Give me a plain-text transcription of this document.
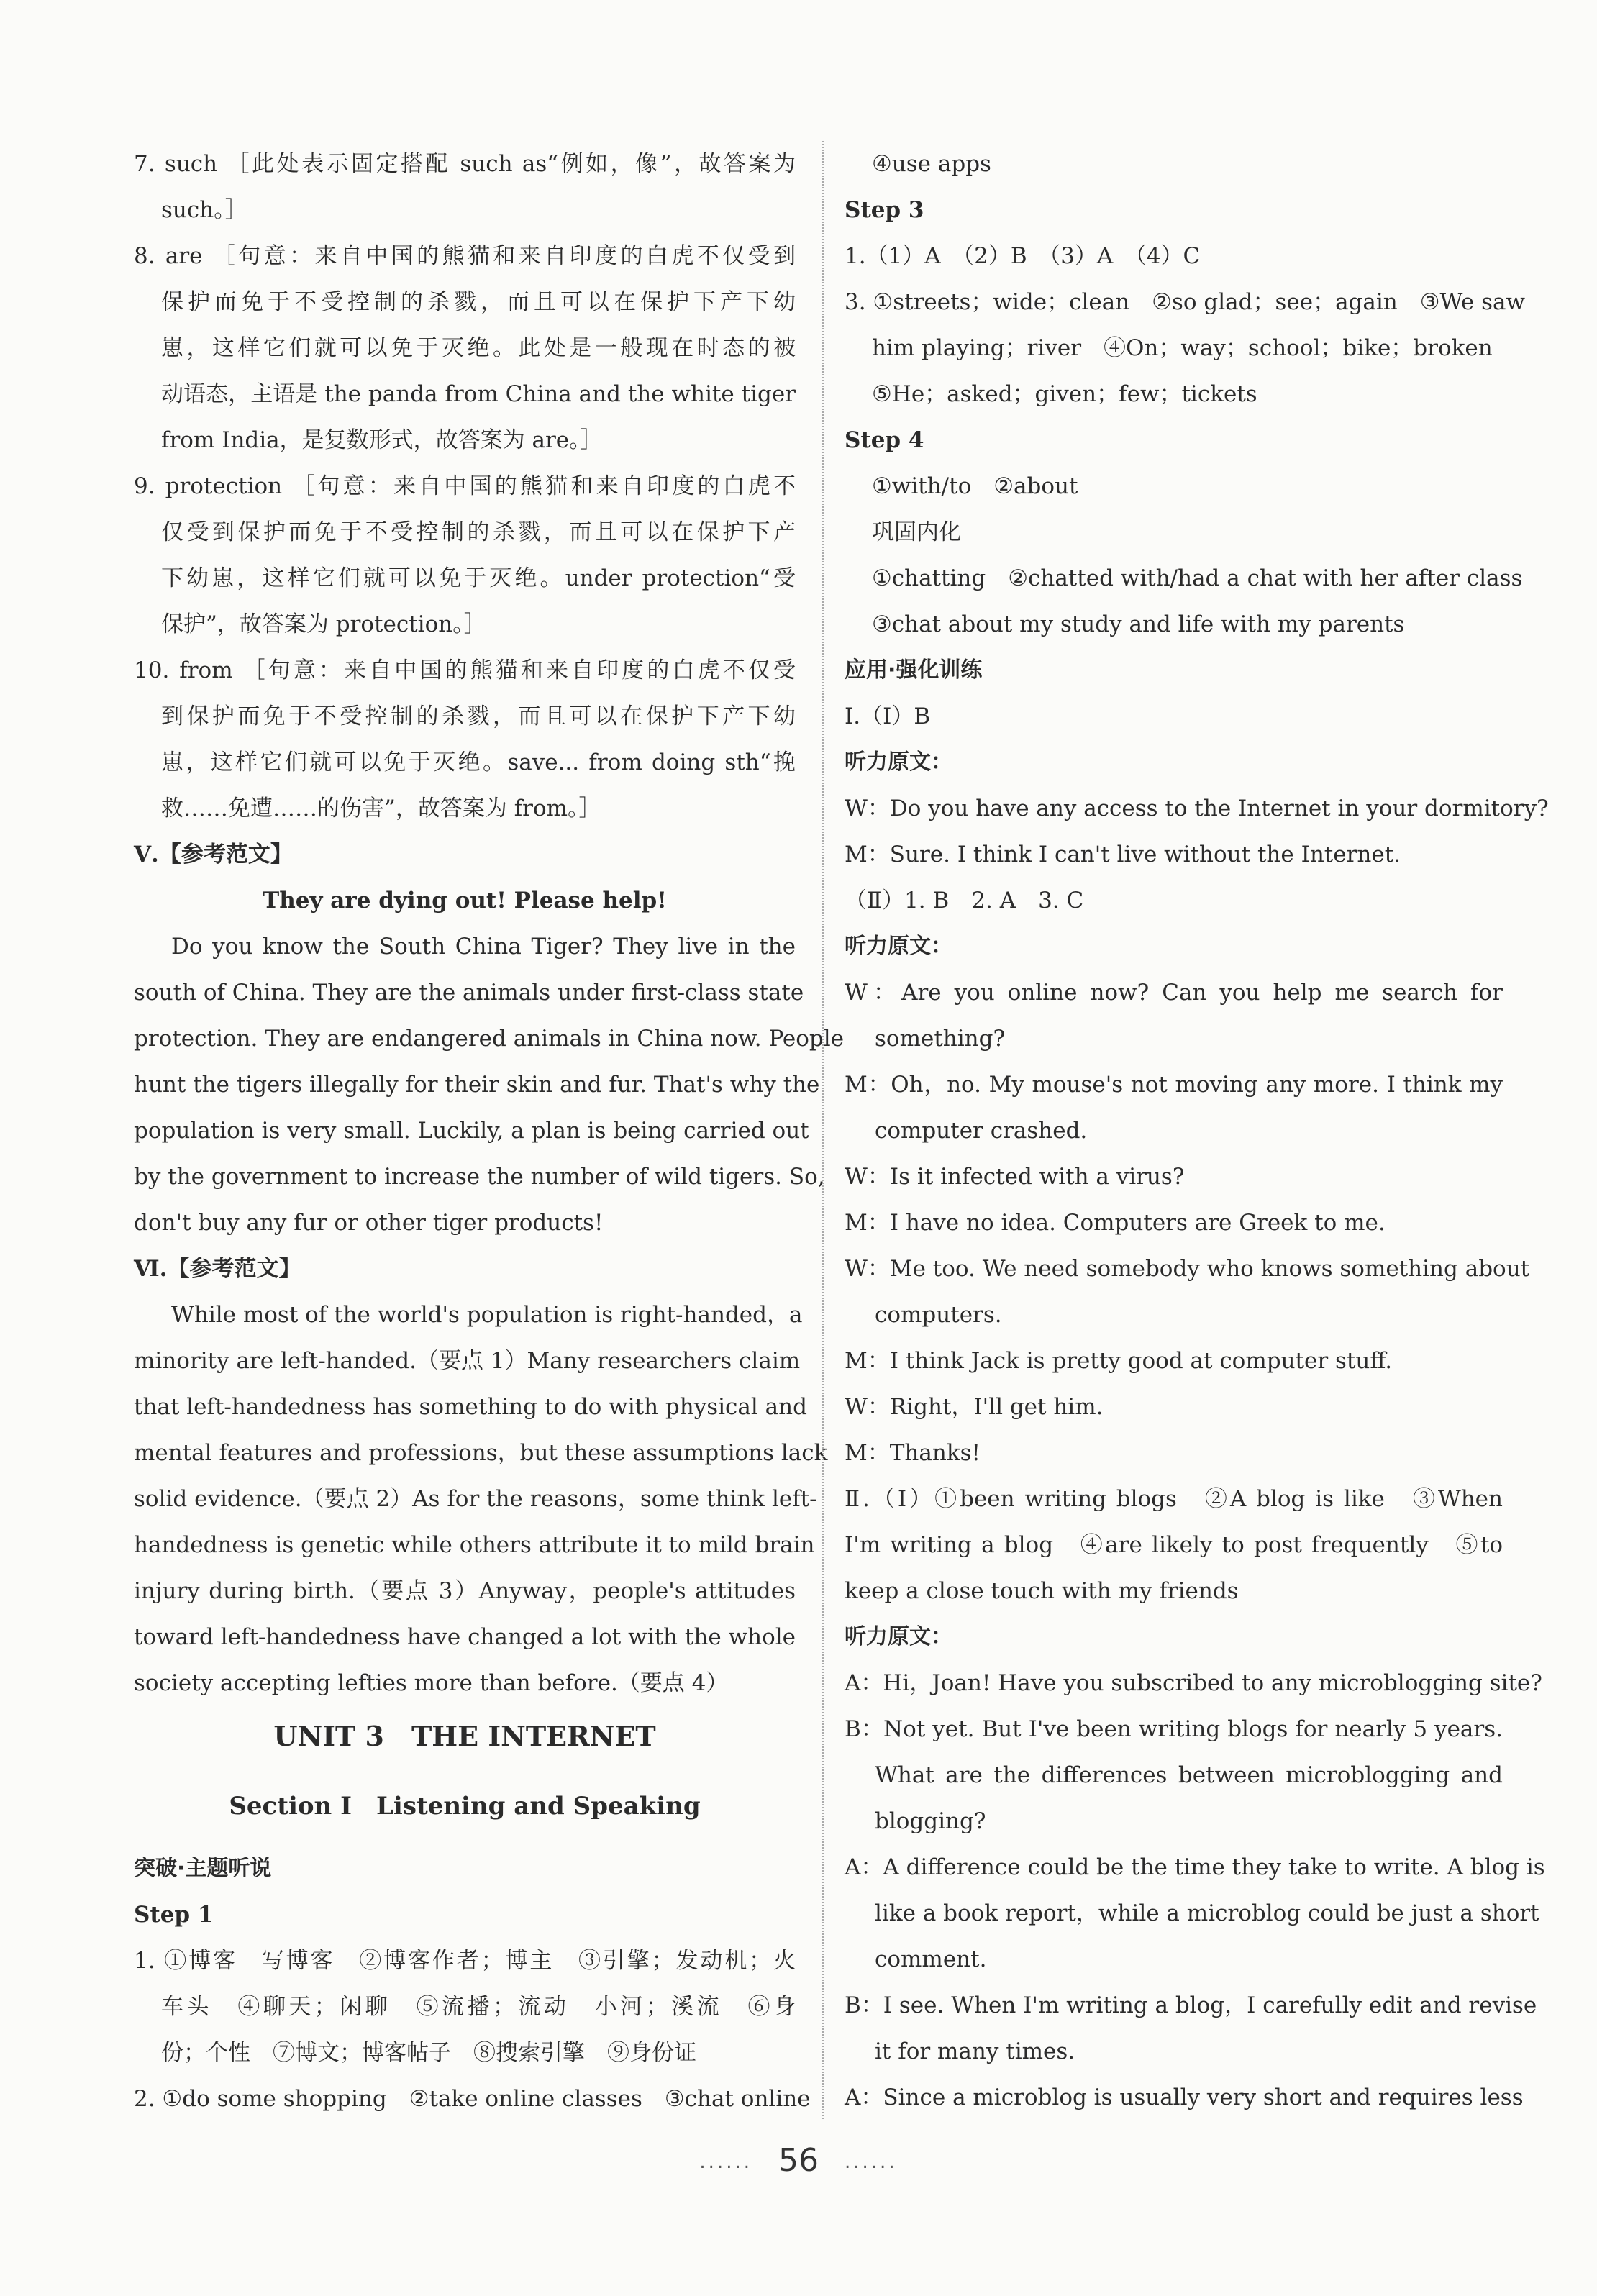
7. such ［此处表示固定搭配 such as“例如，像”，故答案为
such。］
8. are ［句意：来自中国的熊猫和来自印度的白虎不仅受到
保护而免于不受控制的杀戮，而且可以在保护下产下幼
崽，这样它们就可以免于灭绝。此处是一般现在时态的被
动语态，主语是 the panda from China and the white tiger
from India，是复数形式，故答案为 are。］
9. protection ［句意：来自中国的熊猫和来自印度的白虎不
仅受到保护而免于不受控制的杀戮，而且可以在保护下产
下幼崽，这样它们就可以免于灭绝。under protection“受
保护”，故答案为 protection。］
10. from ［句意：来自中国的熊猫和来自印度的白虎不仅受
到保护而免于不受控制的杀戮，而且可以在保护下产下幼
崽，这样它们就可以免于灭绝。save... from doing sth“挽
救……免遭……的伤害”，故答案为 from。］
Ⅴ.【参考范文】
They are dying out! Please help!
Do you know the South China Tiger? They live in the
south of China. They are the animals under first-class state
protection. They are endangered animals in China now. People
hunt the tigers illegally for their skin and fur. That's why the
population is very small. Luckily, a plan is being carried out
by the government to increase the number of wild tigers. So,
don't buy any fur or other tiger products!
Ⅵ.【参考范文】
While most of the world's population is right-handed，a
minority are left-handed.（要点 1）Many researchers claim
that left-handedness has something to do with physical and
mental features and professions，but these assumptions lack
solid evidence.（要点 2）As for the reasons，some think left-
handedness is genetic while others attribute it to mild brain
injury during birth.（要点 3）Anyway，people's attitudes
toward left-handedness have changed a lot with the whole
society accepting lefties more than before.（要点 4）
UNIT 3　THE INTERNET
Section Ⅰ　Listening and Speaking
突破·主题听说
Step 1
1. ①博客　写博客　②博客作者；博主　③引擎；发动机；火
车头　④聊天；闲聊　⑤流播；流动　小河；溪流　⑥身
份；个性　⑦博文；博客帖子　⑧搜索引擎　⑨身份证
2. ①do some shopping　②take online classes　③chat online
④use apps
Step 3
1.（1）A　（2）B　（3）A　（4）C
3. ①streets；wide；clean　②so glad；see；again　③We saw
him playing；river　④On；way；school；bike；broken
⑤He；asked；given；few；tickets
Step 4
①with/to　②about
巩固内化
①chatting　②chatted with/had a chat with her after class
③chat about my study and life with my parents
应用·强化训练
Ⅰ.（Ⅰ）B
听力原文：
W：Do you have any access to the Internet in your dormitory?
M：Sure. I think I can't live without the Internet.
（Ⅱ）1. B　2. A　3. C
听力原文：
W：Are you online now? Can you help me search for
something?
M：Oh，no. My mouse's not moving any more. I think my
computer crashed.
W：Is it infected with a virus?
M：I have no idea. Computers are Greek to me.
W：Me too. We need somebody who knows something about
computers.
M：I think Jack is pretty good at computer stuff.
W：Right，I'll get him.
M：Thanks!
Ⅱ.（Ⅰ）①been writing blogs　②A blog is like　③When
I'm writing a blog　④are likely to post frequently　⑤to
keep a close touch with my friends
听力原文：
A：Hi，Joan! Have you subscribed to any microblogging site?
B：Not yet. But I've been writing blogs for nearly 5 years.
What are the differences between microblogging and
blogging?
A：A difference could be the time they take to write. A blog is
like a book report，while a microblog could be just a short
comment.
B：I see. When I'm writing a blog，I carefully edit and revise
it for many times.
A：Since a microblog is usually very short and requires less
...... 56 ......
